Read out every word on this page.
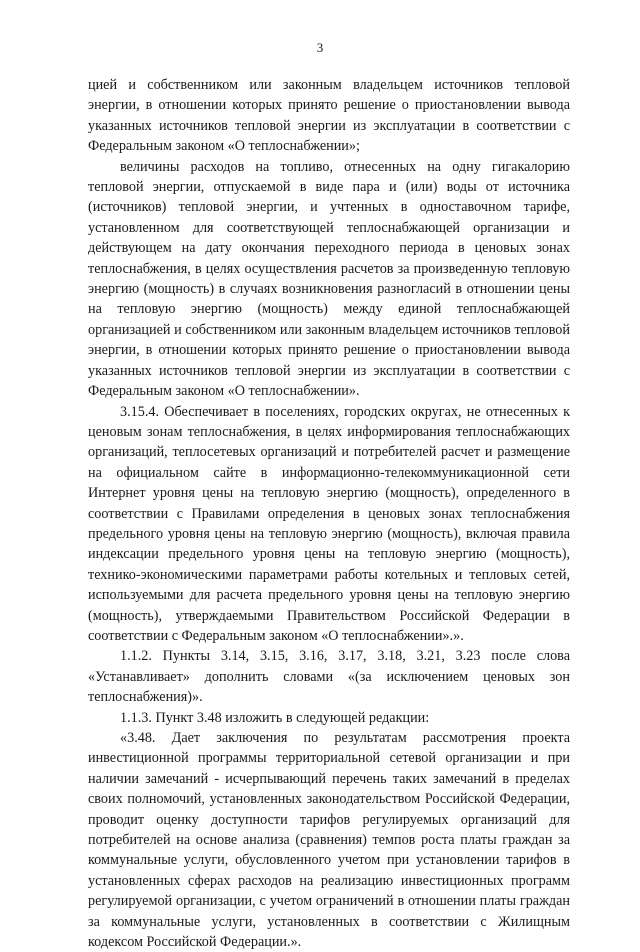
3

цией и собственником или законным владельцем источников тепловой энергии, в отношении которых принято решение о приостановлении вывода указанных источников тепловой энергии из эксплуатации в соответствии с Федеральным законом «О теплоснабжении»;

величины расходов на топливо, отнесенных на одну гигакалорию тепловой энергии, отпускаемой в виде пара и (или) воды от источника (источников) тепловой энергии, и учтенных в одноставочном тарифе, установленном для соответствующей теплоснабжающей организации и действующем на дату окончания переходного периода в ценовых зонах теплоснабжения, в целях осуществления расчетов за произведенную тепловую энергию (мощность) в случаях возникновения разногласий в отношении цены на тепловую энергию (мощность) между единой теплоснабжающей организацией и собственником или законным владельцем источников тепловой энергии, в отношении которых принято решение о приостановлении вывода указанных источников тепловой энергии из эксплуатации в соответствии с Федеральным законом «О теплоснабжении».

3.15.4. Обеспечивает в поселениях, городских округах, не отнесенных к ценовым зонам теплоснабжения, в целях информирования теплоснабжающих организаций, теплосетевых организаций и потребителей расчет и размещение на официальном сайте в информационно-телекоммуникационной сети Интернет уровня цены на тепловую энергию (мощность), определенного в соответствии с Правилами определения в ценовых зонах теплоснабжения предельного уровня цены на тепловую энергию (мощность), включая правила индексации предельного уровня цены на тепловую энергию (мощность), технико-экономическими параметрами работы котельных и тепловых сетей, используемыми для расчета предельного уровня цены на тепловую энергию (мощность), утверждаемыми Правительством Российской Федерации в соответствии с Федеральным законом «О теплоснабжении».».

1.1.2. Пункты 3.14, 3.15, 3.16, 3.17, 3.18, 3.21, 3.23 после слова «Устанавливает» дополнить словами «(за исключением ценовых зон теплоснабжения)».

1.1.3. Пункт 3.48 изложить в следующей редакции:

«3.48. Дает заключения по результатам рассмотрения проекта инвестиционной программы территориальной сетевой организации и при наличии замечаний - исчерпывающий перечень таких замечаний в пределах своих полномочий, установленных законодательством Российской Федерации, проводит оценку доступности тарифов регулируемых организаций для потребителей на основе анализа (сравнения) темпов роста платы граждан за коммунальные услуги, обусловленного учетом при установлении тарифов в установленных сферах расходов на реализацию инвестиционных программ регулируемой организации, с учетом ограничений в отношении платы граждан за коммунальные услуги, установленных в соответствии с Жилищным кодексом Российской Федерации.».
